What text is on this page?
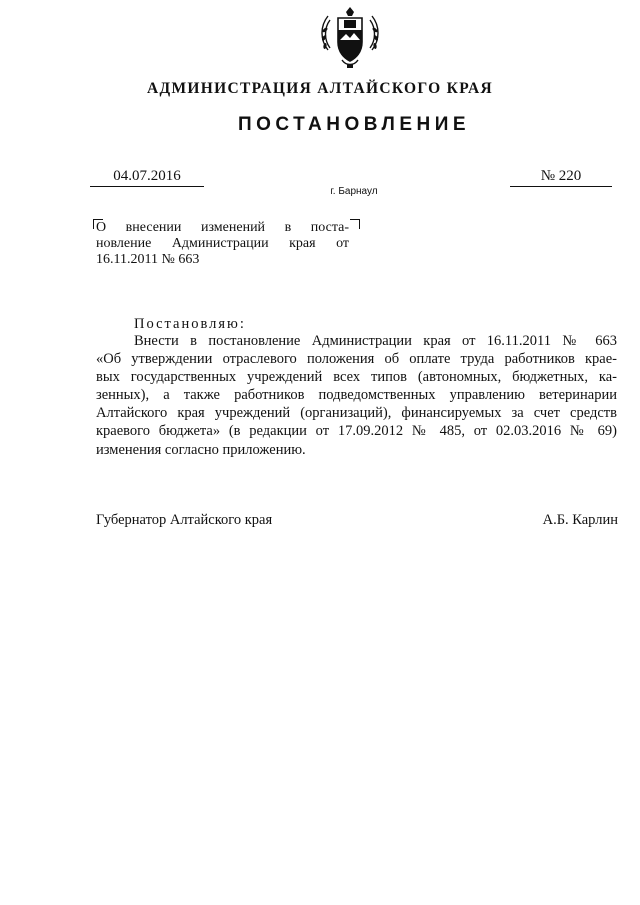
АДМИНИСТРАЦИЯ АЛТАЙСКОГО КРАЯ
ПОСТАНОВЛЕНИЕ
04.07.2016
г. Барнаул
№ 220

О внесении изменений в поста-

новление Администрации края от

16.11.2011 № 663

Постановляю:
Внести в постановление Администрации края от 16.11.2011 № 663
«Об утверждении отраслевого положения об оплате труда работников крае-
вых государственных учреждений всех типов (автономных, бюджетных, ка-
зенных), а также работников подведомственных управлению ветеринарии
Алтайского края учреждений (организаций), финансируемых за счет средств
краевого бюджета» (в редакции от 17.09.2012 № 485, от 02.03.2016 № 69)
изменения согласно приложению.
Губернатор Алтайского края	А.Б. Карлин
